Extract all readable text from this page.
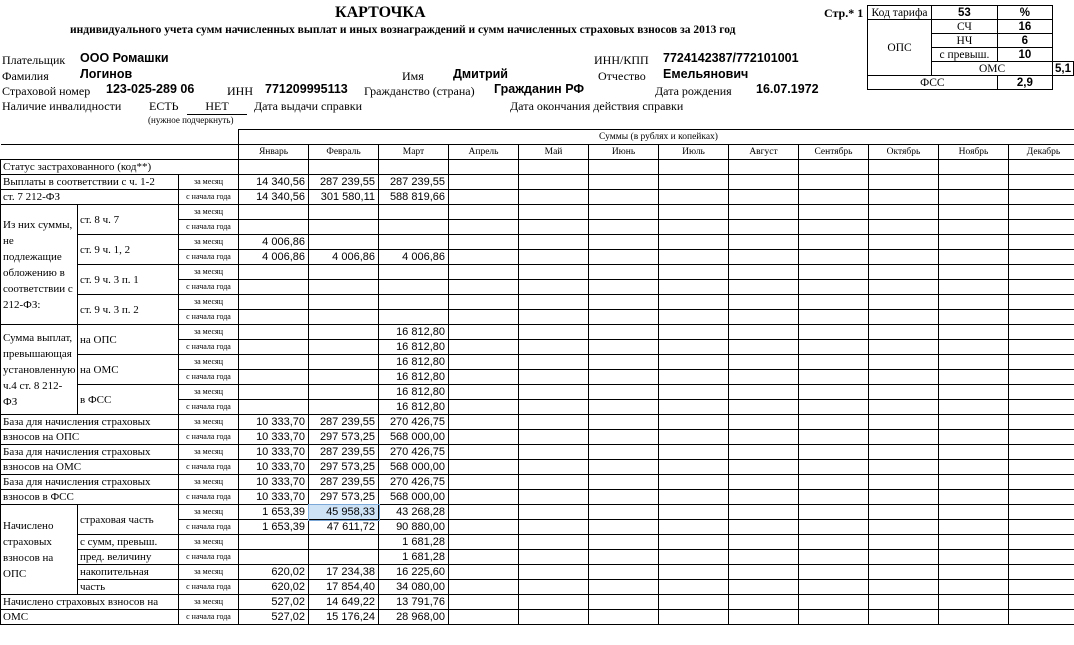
КАРТОЧКА
индивидуального учета сумм начисленных выплат и иных вознаграждений и сумм начисленных страховых взносов за 2013 год
Стр.* 1 Код тарифа	53	%	
ОПС	СЧ	16	
	НЧ	6	
	с превыш.	10	
	ОМС		5,1
ФСС		2,9	
Плательщик ООО Ромашки	ИНН/КПП 7724142387/772101001
Фамилия Логинов	Имя Дмитрий	Отчество Емельянович
Страховой номер 123-025-289 06	ИНН 771209995113 Гражданство (страна) Гражданин РФ	Дата рождения 16.07.1972
Наличие инвалидности ЕСТЬ	НЕТ	Дата выдачи справки	Дата окончания действия справки
(нужное подчеркнуть)
			Суммы (в рублях и копейках)											
			Январь	Февраль	Март	Апрель	Май	Июнь	Июль	Август	Сентябрь	Октябрь	Ноябрь	Декабрь
Статус застрахованного (код**)														
Выплаты в соответствии с ч. 1-2		за месяц	14 340,56	287 239,55	287 239,55									
ст. 7 212-ФЗ		с начала года	14 340,56	301 580,11	588 819,66									
Из них суммы, не подлежащие обложению в соответствии с 212-ФЗ:	ст. 8 ч. 7	за месяц												
		с начала года												
	ст. 9 ч. 1, 2	за месяц	4 006,86											
		с начала года	4 006,86	4 006,86	4 006,86									
	ст. 9 ч. 3 п. 1	за месяц												
		с начала года												
	ст. 9 ч. 3 п. 2	за месяц												
		с начала года												
Сумма выплат, превышающая установленную ч.4 ст. 8 212-ФЗ	на ОПС	за месяц			16 812,80									
		с начала года			16 812,80									
	на ОМС	за месяц			16 812,80									
		с начала года			16 812,80									
	в ФСС	за месяц			16 812,80									
		с начала года			16 812,80									
База для начисления страховых		за месяц	10 333,70	287 239,55	270 426,75									
взносов на ОПС		с начала года	10 333,70	297 573,25	568 000,00									
База для начисления страховых		за месяц	10 333,70	287 239,55	270 426,75									
взносов на ОМС		с начала года	10 333,70	297 573,25	568 000,00									
База для начисления страховых		за месяц	10 333,70	287 239,55	270 426,75									
взносов в ФСС		с начала года	10 333,70	297 573,25	568 000,00									
Начислено страховых взносов на ОПС	страховая часть	за месяц	1 653,39	45 958,33	43 268,28									
		с начала года	1 653,39	47 611,72	90 880,00									
	с сумм, превыш.	за месяц			1 681,28									
	пред. величину	с начала года			1 681,28									
	накопительная	за месяц	620,02	17 234,38	16 225,60									
	часть	с начала года	620,02	17 854,40	34 080,00									
Начислено страховых взносов на		за месяц	527,02	14 649,22	13 791,76									
ОМС		с начала года	527,02	15 176,24	28 968,00									
